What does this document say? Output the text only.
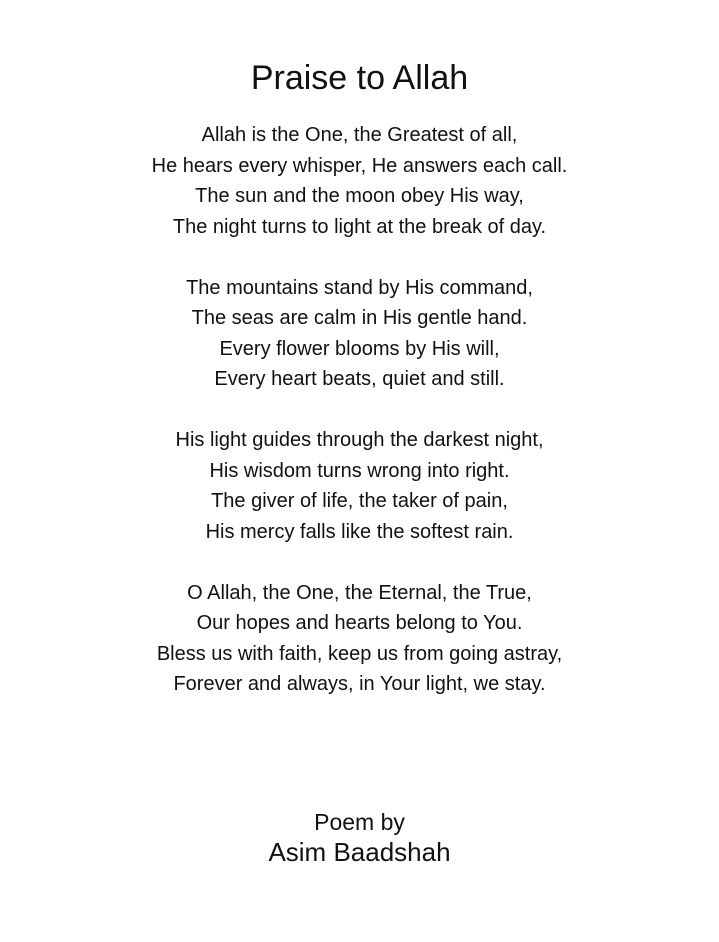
Praise to Allah
Allah is the One, the Greatest of all,
He hears every whisper, He answers each call.
The sun and the moon obey His way,
The night turns to light at the break of day.
The mountains stand by His command,
The seas are calm in His gentle hand.
Every flower blooms by His will,
Every heart beats, quiet and still.
His light guides through the darkest night,
His wisdom turns wrong into right.
The giver of life, the taker of pain,
His mercy falls like the softest rain.
O Allah, the One, the Eternal, the True,
Our hopes and hearts belong to You.
Bless us with faith, keep us from going astray,
Forever and always, in Your light, we stay.
Poem by
Asim Baadshah
